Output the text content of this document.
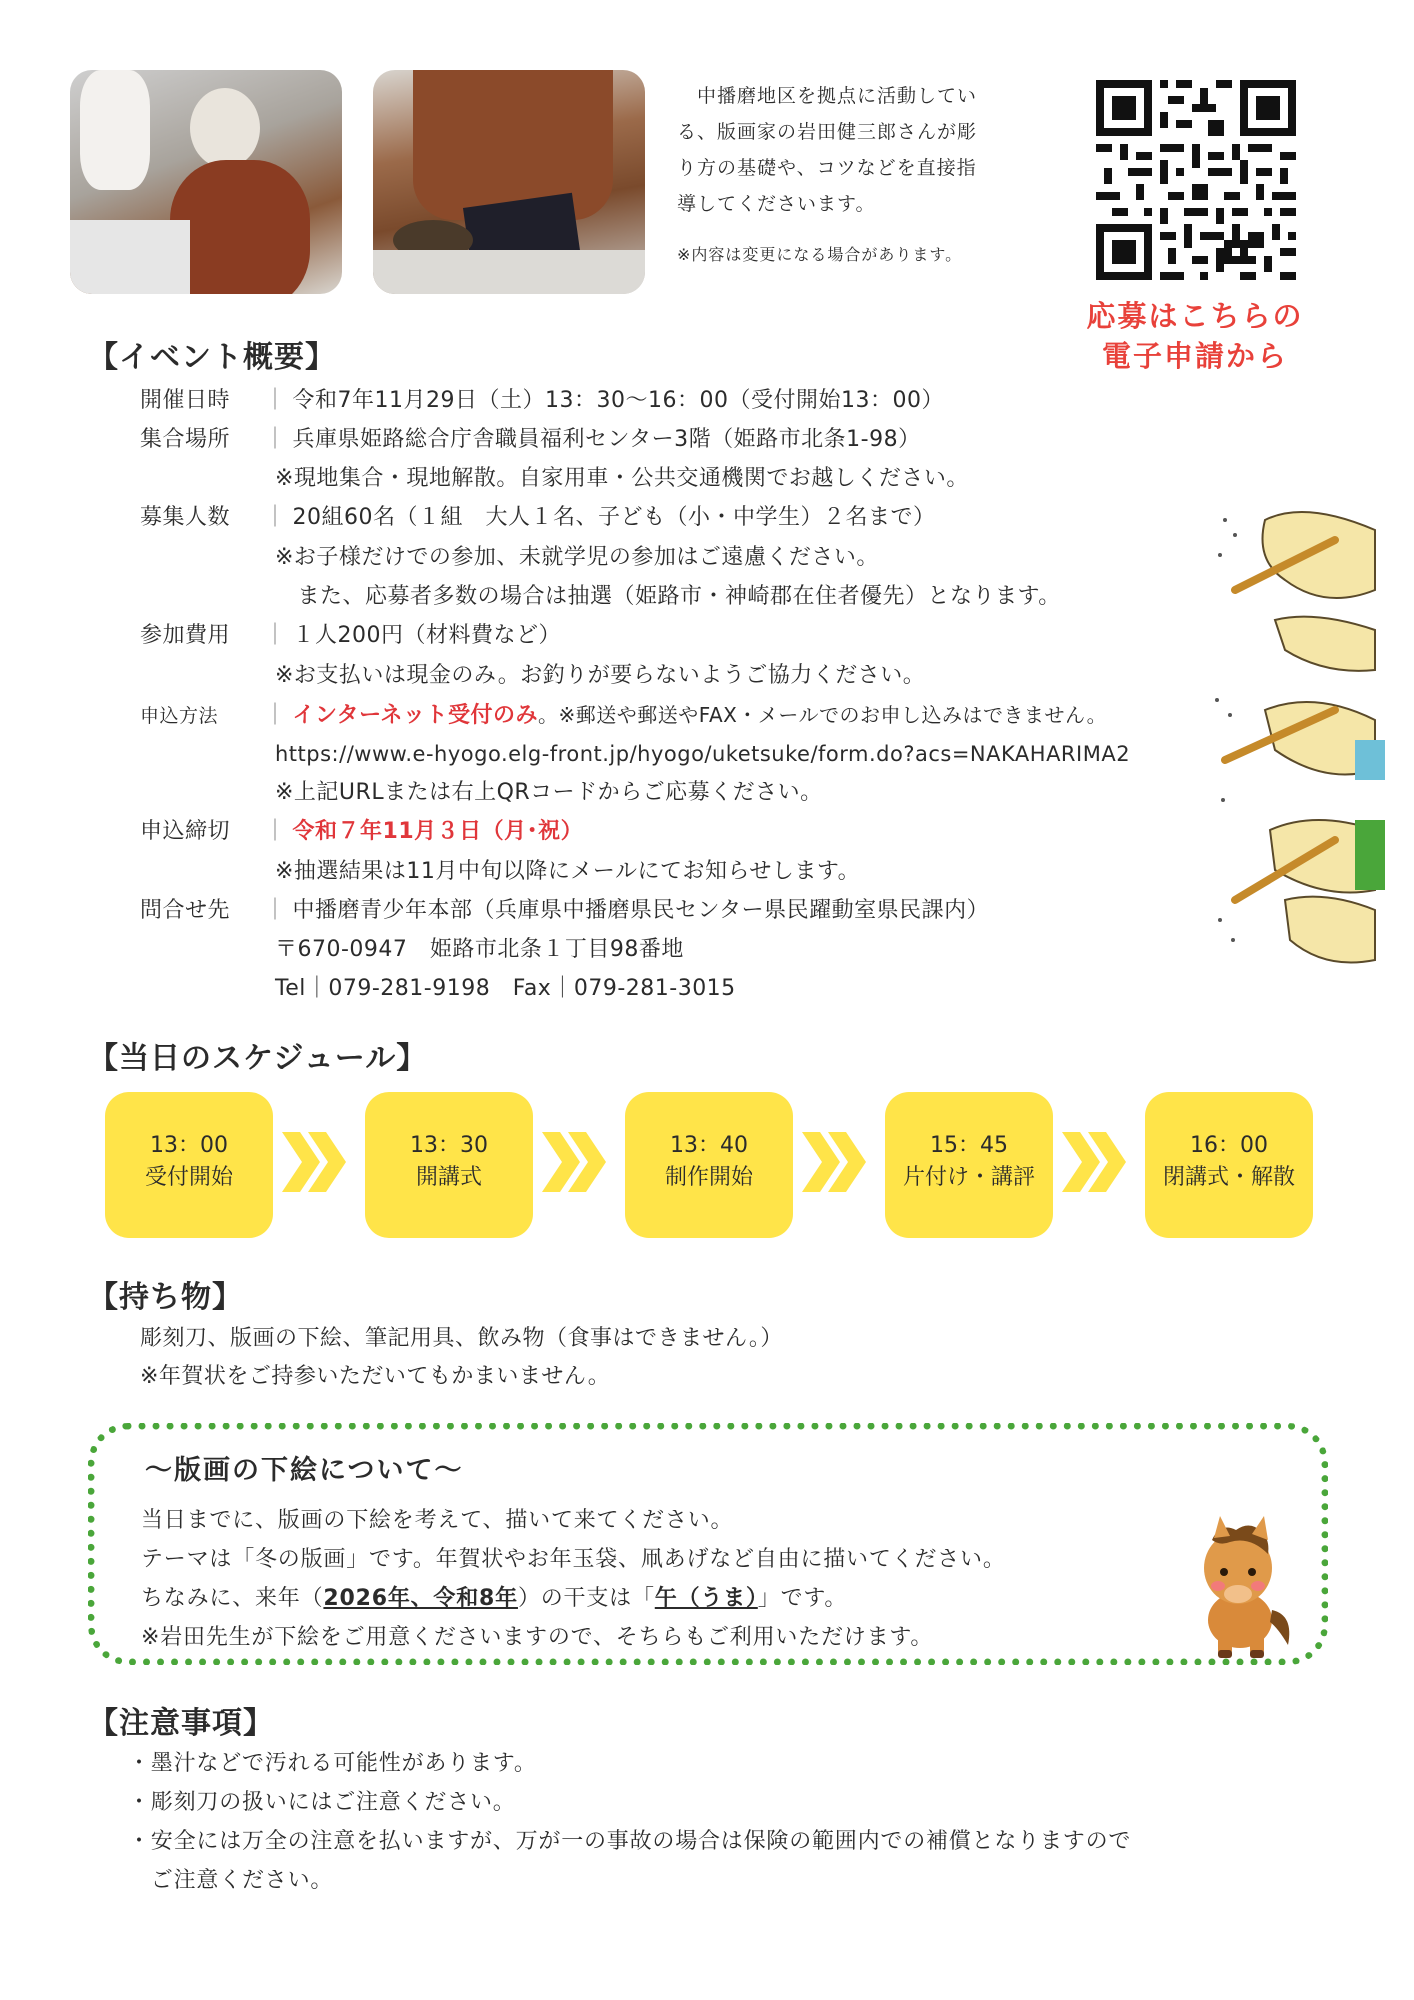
　中播磨地区を拠点に活動してい
る、版画家の岩田健三郎さんが彫
り方の基礎や、コツなどを直接指
導してくださいます。
※内容は変更になる場合があります。
応募はこちらの
電子申請から
【イベント概要】
開催日時 ｜ 令和7年11月29日（土）13：30～16：00（受付開始13：00）
集合場所 ｜ 兵庫県姫路総合庁舎職員福利センター3階（姫路市北条1-98）
※現地集合・現地解散。自家用車・公共交通機関でお越しください。
募集人数 ｜ 20組60名（１組　大人１名、子ども（小・中学生）２名まで）
※お子様だけでの参加、未就学児の参加はご遠慮ください。
　また、応募者多数の場合は抽選（姫路市・神崎郡在住者優先）となります。
参加費用 ｜ １人200円（材料費など）
※お支払いは現金のみ。お釣りが要らないようご協力ください。
申込方法 ｜ インターネット受付のみ。※郵送や郵送やFAX・メールでのお申し込みはできません。
https://www.e-hyogo.elg-front.jp/hyogo/uketsuke/form.do?acs=NAKAHARIMA2
※上記URLまたは右上QRコードからご応募ください。
申込締切 ｜ 令和７年11月３日（月･祝）
※抽選結果は11月中旬以降にメールにてお知らせします。
問合せ先 ｜ 中播磨青少年本部（兵庫県中播磨県民センター県民躍動室県民課内）
〒670-0947　姫路市北条１丁目98番地
Tel｜079-281-9198　Fax｜079-281-3015
【当日のスケジュール】
13：00
受付開始
13：30
開講式
13：40
制作開始
15：45
片付け・講評
16：00
閉講式・解散
【持ち物】
彫刻刀、版画の下絵、筆記用具、飲み物（食事はできません。）
※年賀状をご持参いただいてもかまいません。
～版画の下絵について～
当日までに、版画の下絵を考えて、描いて来てください。
テーマは「冬の版画」です。年賀状やお年玉袋、凧あげなど自由に描いてください。
ちなみに、来年（2026年、令和8年）の干支は「午（うま）」です。
※岩田先生が下絵をご用意くださいますので、そちらもご利用いただけます。
【注意事項】
・墨汁などで汚れる可能性があります。
・彫刻刀の扱いにはご注意ください。
・安全には万全の注意を払いますが、万が一の事故の場合は保険の範囲内での補償となりますので
　ご注意ください。
